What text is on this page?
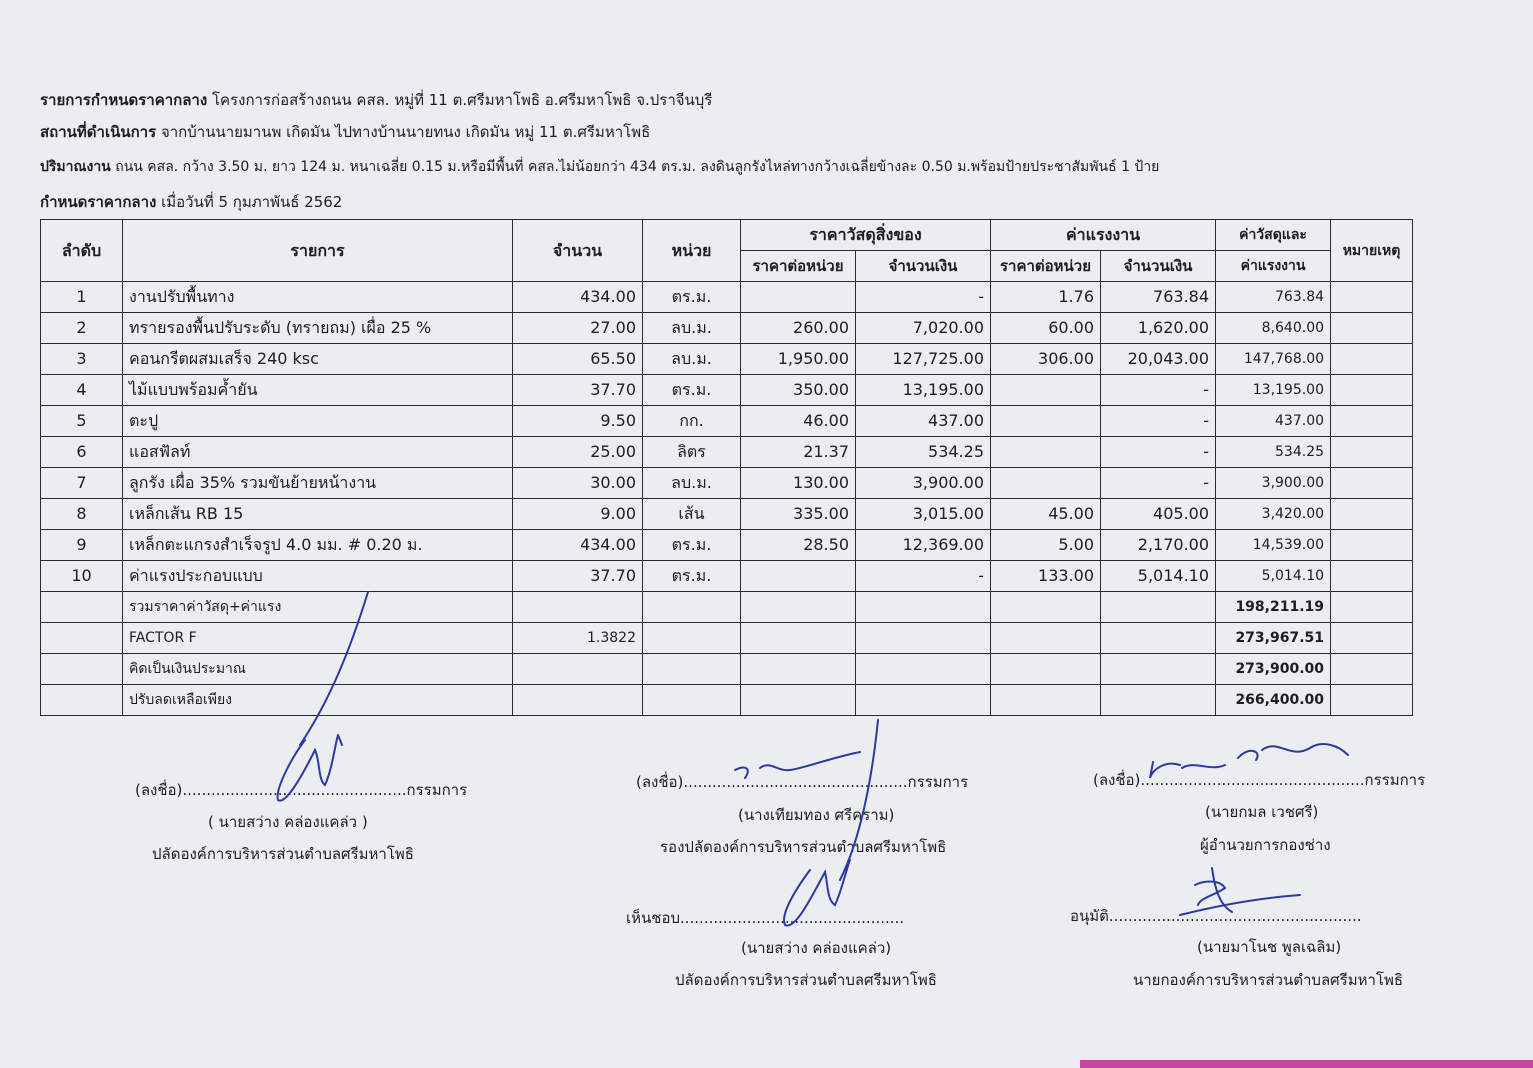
รายการกำหนดราคากลาง โครงการก่อสร้างถนน คสล. หมู่ที่ 11 ต.ศรีมหาโพธิ อ.ศรีมหาโพธิ จ.ปราจีนบุรี
สถานที่ดำเนินการ จากบ้านนายมานพ เกิดมัน ไปทางบ้านนายทนง เกิดมัน หมู่ 11 ต.ศรีมหาโพธิ
ปริมาณงาน ถนน คสล. กว้าง 3.50 ม. ยาว 124 ม. หนาเฉลี่ย 0.15 ม.หรือมีพื้นที่ คสล.ไม่น้อยกว่า 434 ตร.ม. ลงดินลูกรังไหล่ทางกว้างเฉลี่ยข้างละ 0.50 ม.พร้อมป้ายประชาสัมพันธ์ 1 ป้าย
กำหนดราคากลาง เมื่อวันที่ 5 กุมภาพันธ์ 2562
ลำดับ	รายการ	จำนวน	หน่วย	ราคาวัสดุสิ่งของ		ค่าแรงงาน		ค่าวัสดุและ	หมายเหตุ
				ราคาต่อหน่วย	จำนวนเงิน	ราคาต่อหน่วย	จำนวนเงิน	ค่าแรงงาน	
1	งานปรับพื้นทาง	434.00	ตร.ม.		-	1.76	763.84	763.84	
2	ทรายรองพื้นปรับระดับ (ทรายถม) เผื่อ 25 %	27.00	ลบ.ม.	260.00	7,020.00	60.00	1,620.00	8,640.00	
3	คอนกรีตผสมเสร็จ 240 ksc	65.50	ลบ.ม.	1,950.00	127,725.00	306.00	20,043.00	147,768.00	
4	ไม้แบบพร้อมค้ำยัน	37.70	ตร.ม.	350.00	13,195.00		-	13,195.00	
5	ตะปู	9.50	กก.	46.00	437.00		-	437.00	
6	แอสฟัลท์	25.00	ลิตร	21.37	534.25		-	534.25	
7	ลูกรัง เผื่อ 35% รวมขันย้ายหน้างาน	30.00	ลบ.ม.	130.00	3,900.00		-	3,900.00	
8	เหล็กเส้น RB 15	9.00	เส้น	335.00	3,015.00	45.00	405.00	3,420.00	
9	เหล็กตะแกรงสำเร็จรูป 4.0 มม. # 0.20 ม.	434.00	ตร.ม.	28.50	12,369.00	5.00	2,170.00	14,539.00	
10	ค่าแรงประกอบแบบ	37.70	ตร.ม.		-	133.00	5,014.10	5,014.10	
	รวมราคาค่าวัสดุ+ค่าแรง							198,211.19	
	FACTOR F	1.3822						273,967.51	
	คิดเป็นเงินประมาณ							273,900.00	
	ปรับลดเหลือเพียง							266,400.00	
(ลงชื่อ)...............................................กรรมการ
( นายสว่าง คล่องแคล่ว )
ปลัดองค์การบริหารส่วนตำบลศรีมหาโพธิ
(ลงชื่อ)...............................................กรรมการ
(นางเทียมทอง ศรีคราม)
รองปลัดองค์การบริหารส่วนตำบลศรีมหาโพธิ
(ลงชื่อ)...............................................กรรมการ
(นายกมล เวชศรี)
ผู้อำนวยการกองช่าง
เห็นชอบ...............................................
(นายสว่าง คล่องแคล่ว)
ปลัดองค์การบริหารส่วนตำบลศรีมหาโพธิ
อนุมัติ.....................................................
(นายมาโนช พูลเฉลิม)
นายกองค์การบริหารส่วนตำบลศรีมหาโพธิ
